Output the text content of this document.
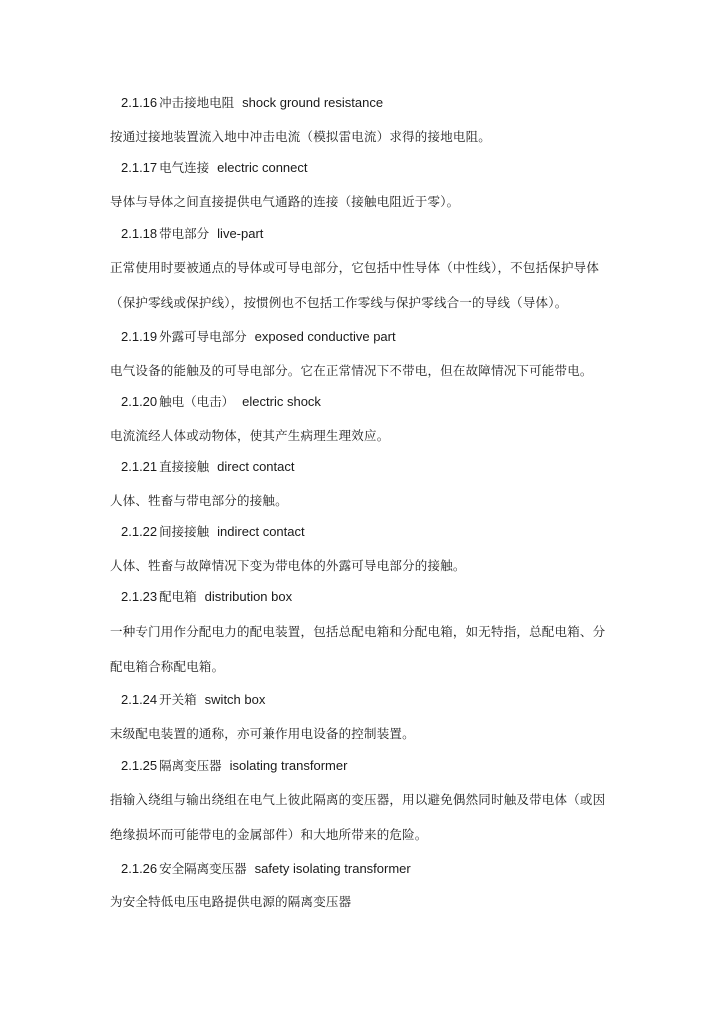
2.1.16 冲击接地电阻 shock ground resistance
按通过接地装置流入地中冲击电流（模拟雷电流）求得的接地电阻。
2.1.17 电气连接 electric connect
导体与导体之间直接提供电气通路的连接（接触电阻近于零）。
2.1.18 带电部分 live-part
正常使用时要被通点的导体或可导电部分，它包括中性导体（中性线），不包括保护导体
（保护零线或保护线），按惯例也不包括工作零线与保护零线合一的导线（导体）。
2.1.19 外露可导电部分 exposed conductive part
电气设备的能触及的可导电部分。它在正常情况下不带电，但在故障情况下可能带电。
2.1.20 触电（电击） electric shock
电流流经人体或动物体，使其产生病理生理效应。
2.1.21 直接接触 direct contact
人体、牲畜与带电部分的接触。
2.1.22 间接接触 indirect contact
人体、牲畜与故障情况下变为带电体的外露可导电部分的接触。
2.1.23 配电箱 distribution box
一种专门用作分配电力的配电装置，包括总配电箱和分配电箱，如无特指，总配电箱、分
配电箱合称配电箱。
2.1.24 开关箱 switch box
末级配电装置的通称，亦可兼作用电设备的控制装置。
2.1.25 隔离变压器 isolating transformer
指输入绕组与输出绕组在电气上彼此隔离的变压器，用以避免偶然同时触及带电体（或因
绝缘损坏而可能带电的金属部件）和大地所带来的危险。
2.1.26 安全隔离变压器 safety isolating transformer
为安全特低电压电路提供电源的隔离变压器
